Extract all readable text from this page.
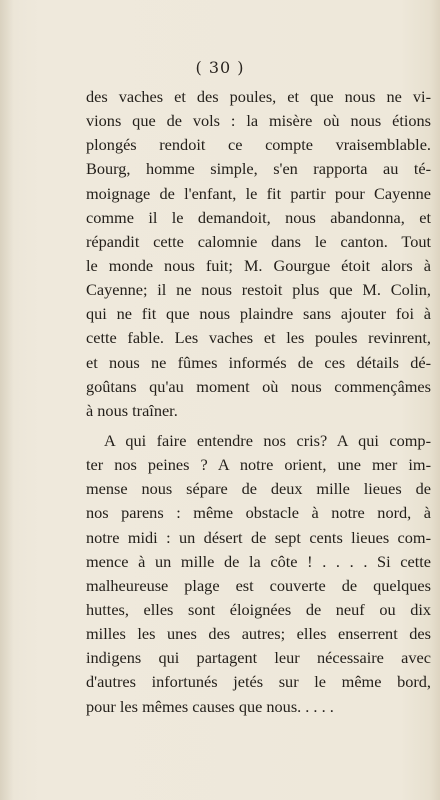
( 30 )
des vaches et des poules, et que nous ne vi-
vions que de vols : la misère où nous étions
plongés rendoit ce compte vraisemblable.
Bourg, homme simple, s'en rapporta au té-
moignage de l'enfant, le fit partir pour Cayenne
comme il le demandoit, nous abandonna, et
répandit cette calomnie dans le canton. Tout
le monde nous fuit; M. Gourgue étoit alors à
Cayenne; il ne nous restoit plus que M. Colin,
qui ne fit que nous plaindre sans ajouter foi à
cette fable. Les vaches et les poules revinrent,
et nous ne fûmes informés de ces détails dé-
goûtans qu'au moment où nous commençâmes
à nous traîner.
A qui faire entendre nos cris? A qui comp-
ter nos peines ? A notre orient, une mer im-
mense nous sépare de deux mille lieues de
nos parens : même obstacle à notre nord, à
notre midi : un désert de sept cents lieues com-
mence à un mille de la côte ! . . . . Si cette
malheureuse plage est couverte de quelques
huttes, elles sont éloignées de neuf ou dix
milles les unes des autres; elles enserrent des
indigens qui partagent leur nécessaire avec
d'autres infortunés jetés sur le même bord,
pour les mêmes causes que nous. . . . .
